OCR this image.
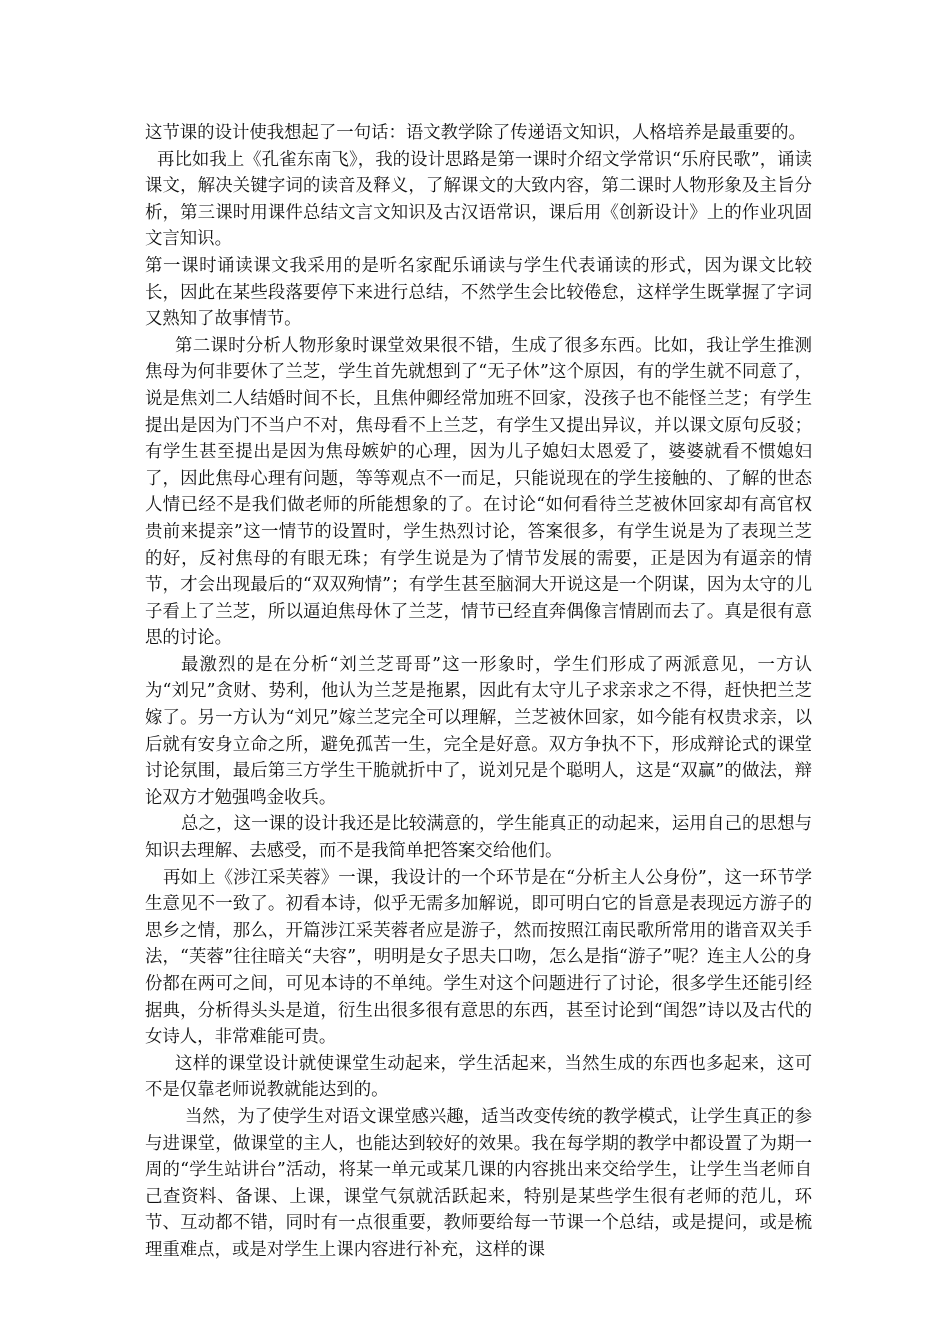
这节课的设计使我想起了一句话：语文教学除了传递语文知识，人格培养是最重要的。

再比如我上《孔雀东南飞》，我的设计思路是第一课时介绍文学常识“乐府民歌”，诵读课文，解决关键字词的读音及释义，了解课文的大致内容，第二课时人物形象及主旨分析，第三课时用课件总结文言文知识及古汉语常识，课后用《创新设计》上的作业巩固文言知识。

第一课时诵读课文我采用的是听名家配乐诵读与学生代表诵读的形式，因为课文比较长，因此在某些段落要停下来进行总结，不然学生会比较倦怠，这样学生既掌握了字词又熟知了故事情节。

第二课时分析人物形象时课堂效果很不错，生成了很多东西。比如，我让学生推测焦母为何非要休了兰芝，学生首先就想到了“无子休”这个原因，有的学生就不同意了，说是焦刘二人结婚时间不长，且焦仲卿经常加班不回家，没孩子也不能怪兰芝；有学生提出是因为门不当户不对，焦母看不上兰芝，有学生又提出异议，并以课文原句反驳；有学生甚至提出是因为焦母嫉妒的心理，因为儿子媳妇太恩爱了，婆婆就看不惯媳妇了，因此焦母心理有问题，等等观点不一而足，只能说现在的学生接触的、了解的世态人情已经不是我们做老师的所能想象的了。在讨论“如何看待兰芝被休回家却有高官权贵前来提亲”这一情节的设置时，学生热烈讨论，答案很多，有学生说是为了表现兰芝的好，反衬焦母的有眼无珠；有学生说是为了情节发展的需要，正是因为有逼亲的情节，才会出现最后的“双双殉情”；有学生甚至脑洞大开说这是一个阴谋，因为太守的儿子看上了兰芝，所以逼迫焦母休了兰芝，情节已经直奔偶像言情剧而去了。真是很有意思的讨论。

最激烈的是在分析“刘兰芝哥哥”这一形象时，学生们形成了两派意见，一方认为“刘兄”贪财、势利，他认为兰芝是拖累，因此有太守儿子求亲求之不得，赶快把兰芝嫁了。另一方认为“刘兄”嫁兰芝完全可以理解，兰芝被休回家，如今能有权贵求亲，以后就有安身立命之所，避免孤苦一生，完全是好意。双方争执不下，形成辩论式的课堂讨论氛围，最后第三方学生干脆就折中了，说刘兄是个聪明人，这是“双赢”的做法，辩论双方才勉强鸣金收兵。

总之，这一课的设计我还是比较满意的，学生能真正的动起来，运用自己的思想与知识去理解、去感受，而不是我简单把答案交给他们。

再如上《涉江采芙蓉》一课，我设计的一个环节是在“分析主人公身份”，这一环节学生意见不一致了。初看本诗，似乎无需多加解说，即可明白它的旨意是表现远方游子的思乡之情，那么，开篇涉江采芙蓉者应是游子，然而按照江南民歌所常用的谐音双关手法，“芙蓉”往往暗关“夫容”，明明是女子思夫口吻，怎么是指“游子”呢？连主人公的身份都在两可之间，可见本诗的不单纯。学生对这个问题进行了讨论，很多学生还能引经据典，分析得头头是道，衍生出很多很有意思的东西，甚至讨论到“闺怨”诗以及古代的女诗人，非常难能可贵。

这样的课堂设计就使课堂生动起来，学生活起来，当然生成的东西也多起来，这可不是仅靠老师说教就能达到的。

当然，为了使学生对语文课堂感兴趣，适当改变传统的教学模式，让学生真正的参与进课堂，做课堂的主人，也能达到较好的效果。我在每学期的教学中都设置了为期一周的“学生站讲台”活动，将某一单元或某几课的内容挑出来交给学生，让学生当老师自己查资料、备课、上课，课堂气氛就活跃起来，特别是某些学生很有老师的范儿，环节、互动都不错，同时有一点很重要，教师要给每一节课一个总结，或是提问，或是梳理重难点，或是对学生上课内容进行补充，这样的课
